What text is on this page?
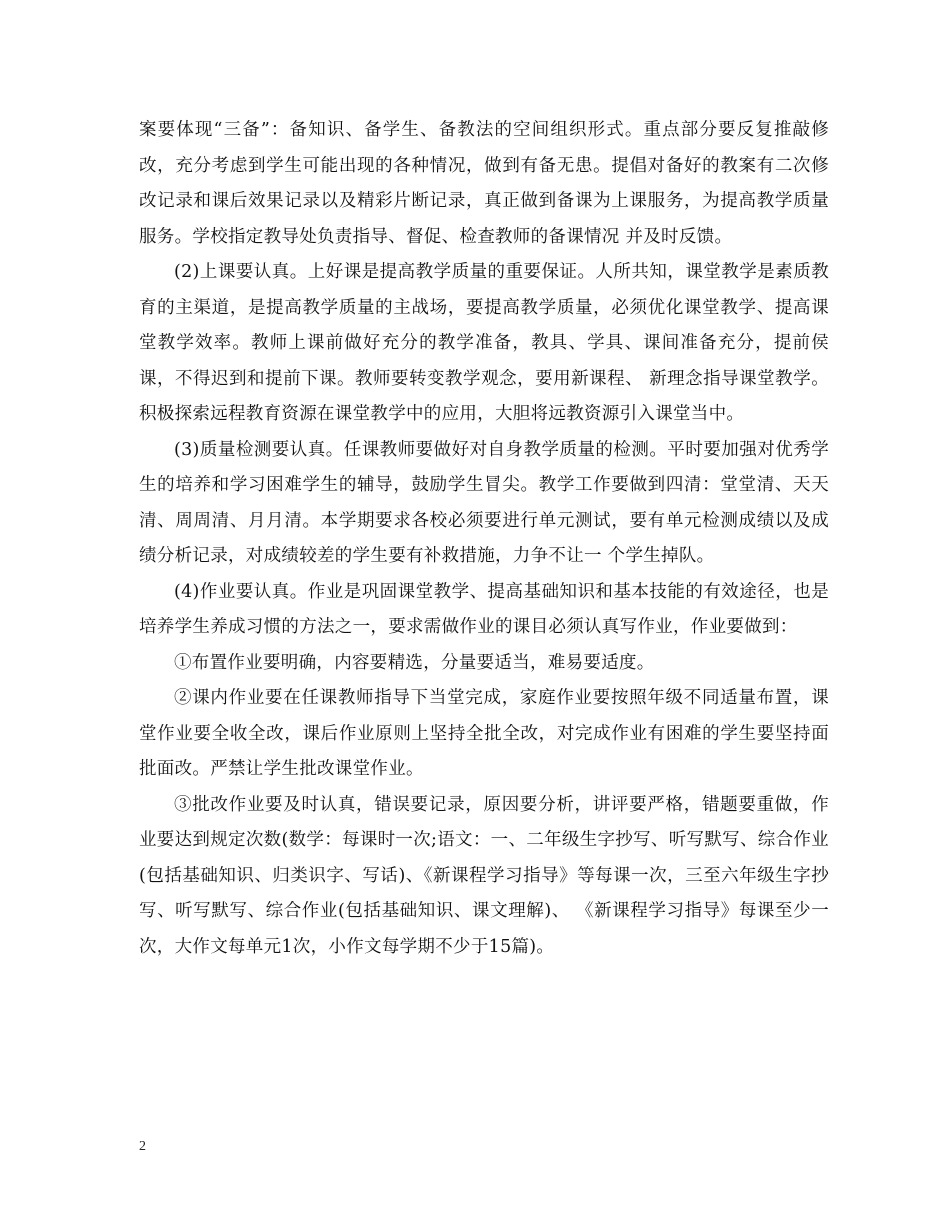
案要体现“三备”：备知识、备学生、备教法的空间组织形式。重点部分要反复推敲修改，充分考虑到学生可能出现的各种情况，做到有备无患。提倡对备好的教案有二次修改记录和课后效果记录以及精彩片断记录，真正做到备课为上课服务，为提高教学质量服务。学校指定教导处负责指导、督促、检查教师的备课情况 并及时反馈。

(2)上课要认真。上好课是提高教学质量的重要保证。人所共知，课堂教学是素质教育的主渠道，是提高教学质量的主战场，要提高教学质量，必须优化课堂教学、提高课堂教学效率。教师上课前做好充分的教学准备，教具、学具、课间准备充分，提前侯课，不得迟到和提前下课。教师要转变教学观念，要用新课程、 新理念指导课堂教学。积极探索远程教育资源在课堂教学中的应用，大胆将远教资源引入课堂当中。

(3)质量检测要认真。任课教师要做好对自身教学质量的检测。平时要加强对优秀学生的培养和学习困难学生的辅导，鼓励学生冒尖。教学工作要做到四清：堂堂清、天天清、周周清、月月清。本学期要求各校必须要进行单元测试，要有单元检测成绩以及成绩分析记录，对成绩较差的学生要有补救措施，力争不让一 个学生掉队。

(4)作业要认真。作业是巩固课堂教学、提高基础知识和基本技能的有效途径，也是培养学生养成习惯的方法之一，要求需做作业的课目必须认真写作业，作业要做到：

①布置作业要明确，内容要精选，分量要适当，难易要适度。

②课内作业要在任课教师指导下当堂完成，家庭作业要按照年级不同适量布置，课堂作业要全收全改，课后作业原则上坚持全批全改，对完成作业有困难的学生要坚持面批面改。严禁让学生批改课堂作业。

③批改作业要及时认真，错误要记录，原因要分析，讲评要严格，错题要重做，作业要达到规定次数(数学：每课时一次;语文：一、二年级生字抄写、听写默写、综合作业(包括基础知识、归类识字、写话)、《新课程学习指导》等每课一次，三至六年级生字抄写、听写默写、综合作业(包括基础知识、课文理解)、 《新课程学习指导》每课至少一次，大作文每单元1次，小作文每学期不少于15篇)。

2
